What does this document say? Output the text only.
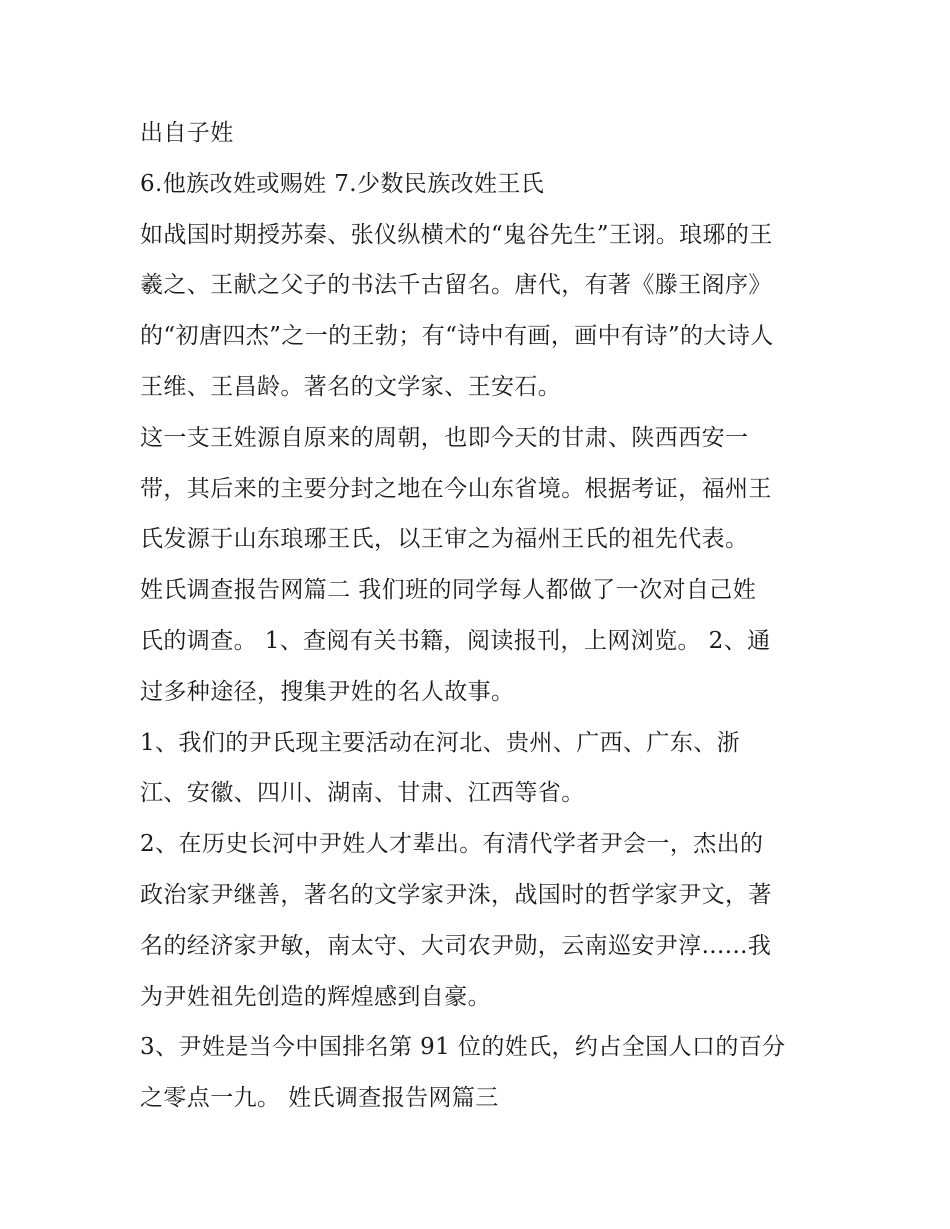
出自子姓
6.他族改姓或赐姓 7.少数民族改姓王氏
如战国时期授苏秦、张仪纵横术的“鬼谷先生”王诩。琅琊的王
羲之、王献之父子的书法千古留名。唐代，有著《滕王阁序》
的“初唐四杰”之一的王勃；有“诗中有画，画中有诗”的大诗人
王维、王昌龄。著名的文学家、王安石。
这一支王姓源自原来的周朝，也即今天的甘肃、陕西西安一
带，其后来的主要分封之地在今山东省境。根据考证，福州王
氏发源于山东琅琊王氏，以王审之为福州王氏的祖先代表。
姓氏调查报告网篇二 我们班的同学每人都做了一次对自己姓
氏的调查。 1、查阅有关书籍，阅读报刊，上网浏览。 2、通
过多种途径，搜集尹姓的名人故事。
1、我们的尹氏现主要活动在河北、贵州、广西、广东、浙
江、安徽、四川、湖南、甘肃、江西等省。
2、在历史长河中尹姓人才辈出。有清代学者尹会一，杰出的
政治家尹继善，著名的文学家尹洙，战国时的哲学家尹文，著
名的经济家尹敏，南太守、大司农尹勋，云南巡安尹淳......我
为尹姓祖先创造的辉煌感到自豪。
3、尹姓是当今中国排名第 91 位的姓氏，约占全国人口的百分
之零点一九。 姓氏调查报告网篇三
